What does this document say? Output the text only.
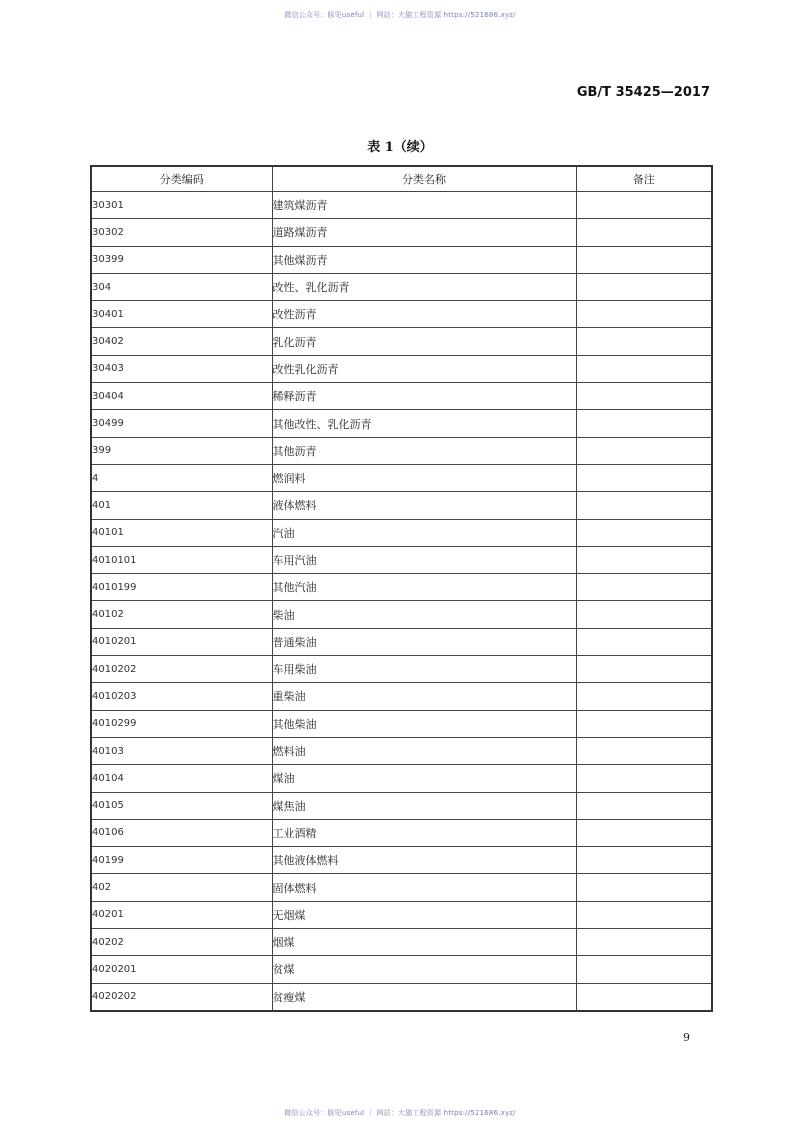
微信公众号：豚兕useful ｜ 网站：大猫工程资源 https://521686.xyz/
GB/T 35425—2017
表 1（续）
分类编码	分类名称	备注
30301	建筑煤沥青	
30302	道路煤沥青	
30399	其他煤沥青	
304	改性、乳化沥青	
30401	改性沥青	
30402	乳化沥青	
30403	改性乳化沥青	
30404	稀释沥青	
30499	其他改性、乳化沥青	
399	其他沥青	
4	燃润料	
401	液体燃料	
40101	汽油	
4010101	车用汽油	
4010199	其他汽油	
40102	柴油	
4010201	普通柴油	
4010202	车用柴油	
4010203	重柴油	
4010299	其他柴油	
40103	燃料油	
40104	煤油	
40105	煤焦油	
40106	工业酒精	
40199	其他液体燃料	
402	固体燃料	
40201	无烟煤	
40202	烟煤	
4020201	贫煤	
4020202	贫瘦煤	
9
微信公众号：豚兕useful ｜ 网站：大猫工程资源 https://521686.xyz/
